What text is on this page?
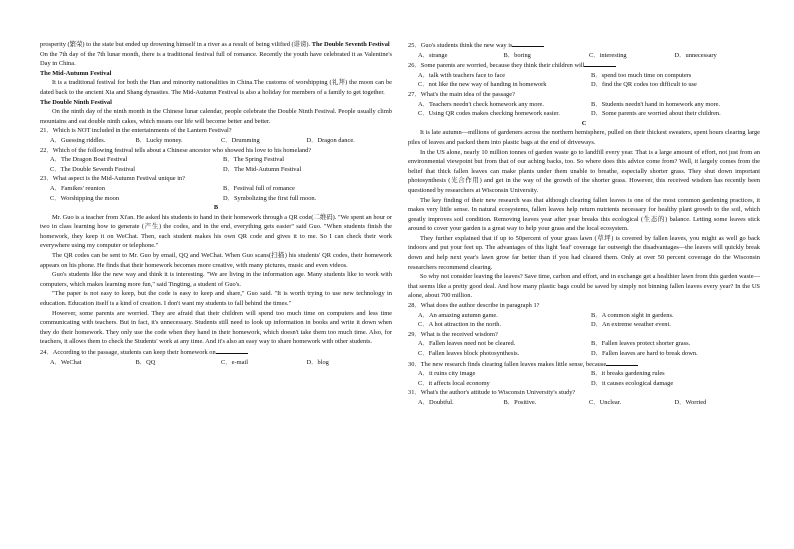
prosperity (繁荣) to the state but ended up drowning himself in a river as a result of being vilified (诽谤). The Double Seventh Festival

On the 7th day of the 7th lunar month, there is a traditional festival full of romance. Recently the youth have celebrated it as Valentine's Day in China.

The Mid-Autumn Festival

It is a traditional festival for both the Han and minority nationalities in China.The customs of worshipping (礼拜) the moon can be dated back to the ancient Xia and Shang dynasties. The Mid-Autumn Festival is also a holiday for members of a family to get together.

The Double Ninth Festival

On the ninth day of the ninth month in the Chinese lunar calendar, people celebrate the Double Ninth Festival. People usually climb mountains and eat double ninth cakes, which means our life will become better and better.

21．Which is NOT included in the entertainments of the Lantern Festival?

A．Guessing riddles.	B．Lucky money.	C．Drumming	D．Dragon dance.

22．Which of the following festival tells about a Chinese ancestor who showed his love to his homeland?

A．The Dragon Boat Festival	B．The Spring Festival
C．The Double Seventh Festival	D．The Mid-Autumn Festival

23．What aspect is the Mid-Autumn Festival unique in?

A．Famikes' reunion	B．Festival full of romance
C．Worshipping the moon	D．Symbolizing the first full moon.

B

Mr. Guo is a teacher from Xi'an. He asked his students to hand in their homework through a QR code(二维码). "We spent an hour or two in class learning how to generate (产生) the codes, and in the end, everything gets easier" said Guo. "When students finish the homework, they keep it on WeChat. Then, each student makes his own QR code and gives it to me. So I can check their work everywhere using my computer or telephone."

The QR codes can be sent to Mr. Guo by email, QQ and WeChat. When Guo scans(扫描) his students' QR codes, their homework appears on his phone. He finds that their homework becomes more creative, with many pictures, music and even videos.

Guo's students like the new way and think it is interesting. "We are living in the information age. Many students like to work with computers, which makes learning more fun," said Tingting, a student of Guo's.

"The paper is not easy to keep, but the code is easy to keep and share," Guo said. "It is worth trying to use new technology in education. Education itself is a kind of creation. I don't want my students to fall behind the times."

However, some parents are worried. They are afraid that their children will spend too much time on computers and less time communicating with teachers. But in fact, it's unnecessary. Students still need to look up information in books and write it down when they do their homework. They only use the code when they hand in their homework, which doesn't take them too much time. Also, for teachers, it allows them to check the Students' work at any time. And it's also an easy way to share homework with other students.

24．According to the passage, students can keep their homework on

A．WeChat	B．QQ	C．e-mail	D．blog

25．Guo's students think the new way is

A．strange	B．boring	C．interesting	D．unnecessary

26．Some parents are worried, because they think their children will

A．talk with teachers face to face	B．spend too much time on computers
C．not like the new way of handing in homework	D．find the QR codes too difficult to use

27．What's the main idea of the passage?

A．Teachers needn't check homework any more.	B．Students needn't hand in homework any more.
C．Using QR codes makes checking homework easier.	D．Some parents are worried about their children.

C

It is late autumn—millions of gardeners across the northern hemisphere, pulled on their thickest sweaters, spent hours clearing large piles of leaves and packed them into plastic bags at the end of driveways.

In the US alone, nearly 10 million tonnes of garden waste go to landfill every year. That is a large amount of effort, not just from an environmental viewpoint but from that of our aching backs, too. So where does this advice come from? Well, it largely comes from the belief that thick fallen leaves can make plants under them unable to breathe, especially shorter grass. They shut down important photosynthesis (光合作用) and get in the way of the growth of the shorter grass. However, this received wisdom has recently been questioned by researchers at Wisconsin University.

The key finding of their new research was that although clearing fallen leaves is one of the most common gardening practices, it makes very little sense. In natural ecosystems, fallen leaves help return nutrients necessary for healthy plant growth to the soil, which greatly improves soil condition. Removing leaves year after year breaks this ecological (生态的) balance. Letting some leaves stick around to cover your garden is a great way to help your grass and the local ecosystem.

They further explained that if up to 50percent of your grass lawn (草坪) is covered by fallen leaves, you might as well go back indoors and put your feet up. The advantages of this light 'leaf' coverage far outweigh the disadvantages—the leaves will quickly break down and help next year's lawn grow far better than if you had cleared them. Only at over 50 percent coverage do the Wisconsin researchers recommend clearing.

So why not consider leaving the leaves? Save time, carbon and effort, and in exchange get a healthier lawn from this garden waste—that seems like a pretty good deal. And how many plastic bags could be saved by simply not binning fallen leaves every year? In the US alone, about 700 million.

28．What does the author describe in paragraph 1?

A．An amazing autumn game.	B．A common sight in gardens.
C．A hot attraction in the north.	D．An extreme weather event.

29．What is the received wisdom?

A．Fallen leaves need not be cleared.	B．Fallen leaves protect shorter grass.
C．Fallen leaves block photosynthesis.	D．Fallen leaves are hard to break down.

30．The new research finds clearing fallen leaves makes little sense, because

A．it ruins city image	B．it breaks gardening rules
C．it affects local economy	D．it causes ecological damage

31．What's the author's attitude to Wisconsin University's study?

A．Doubtful.	B．Positive.	C．Unclear.	D．Worried
